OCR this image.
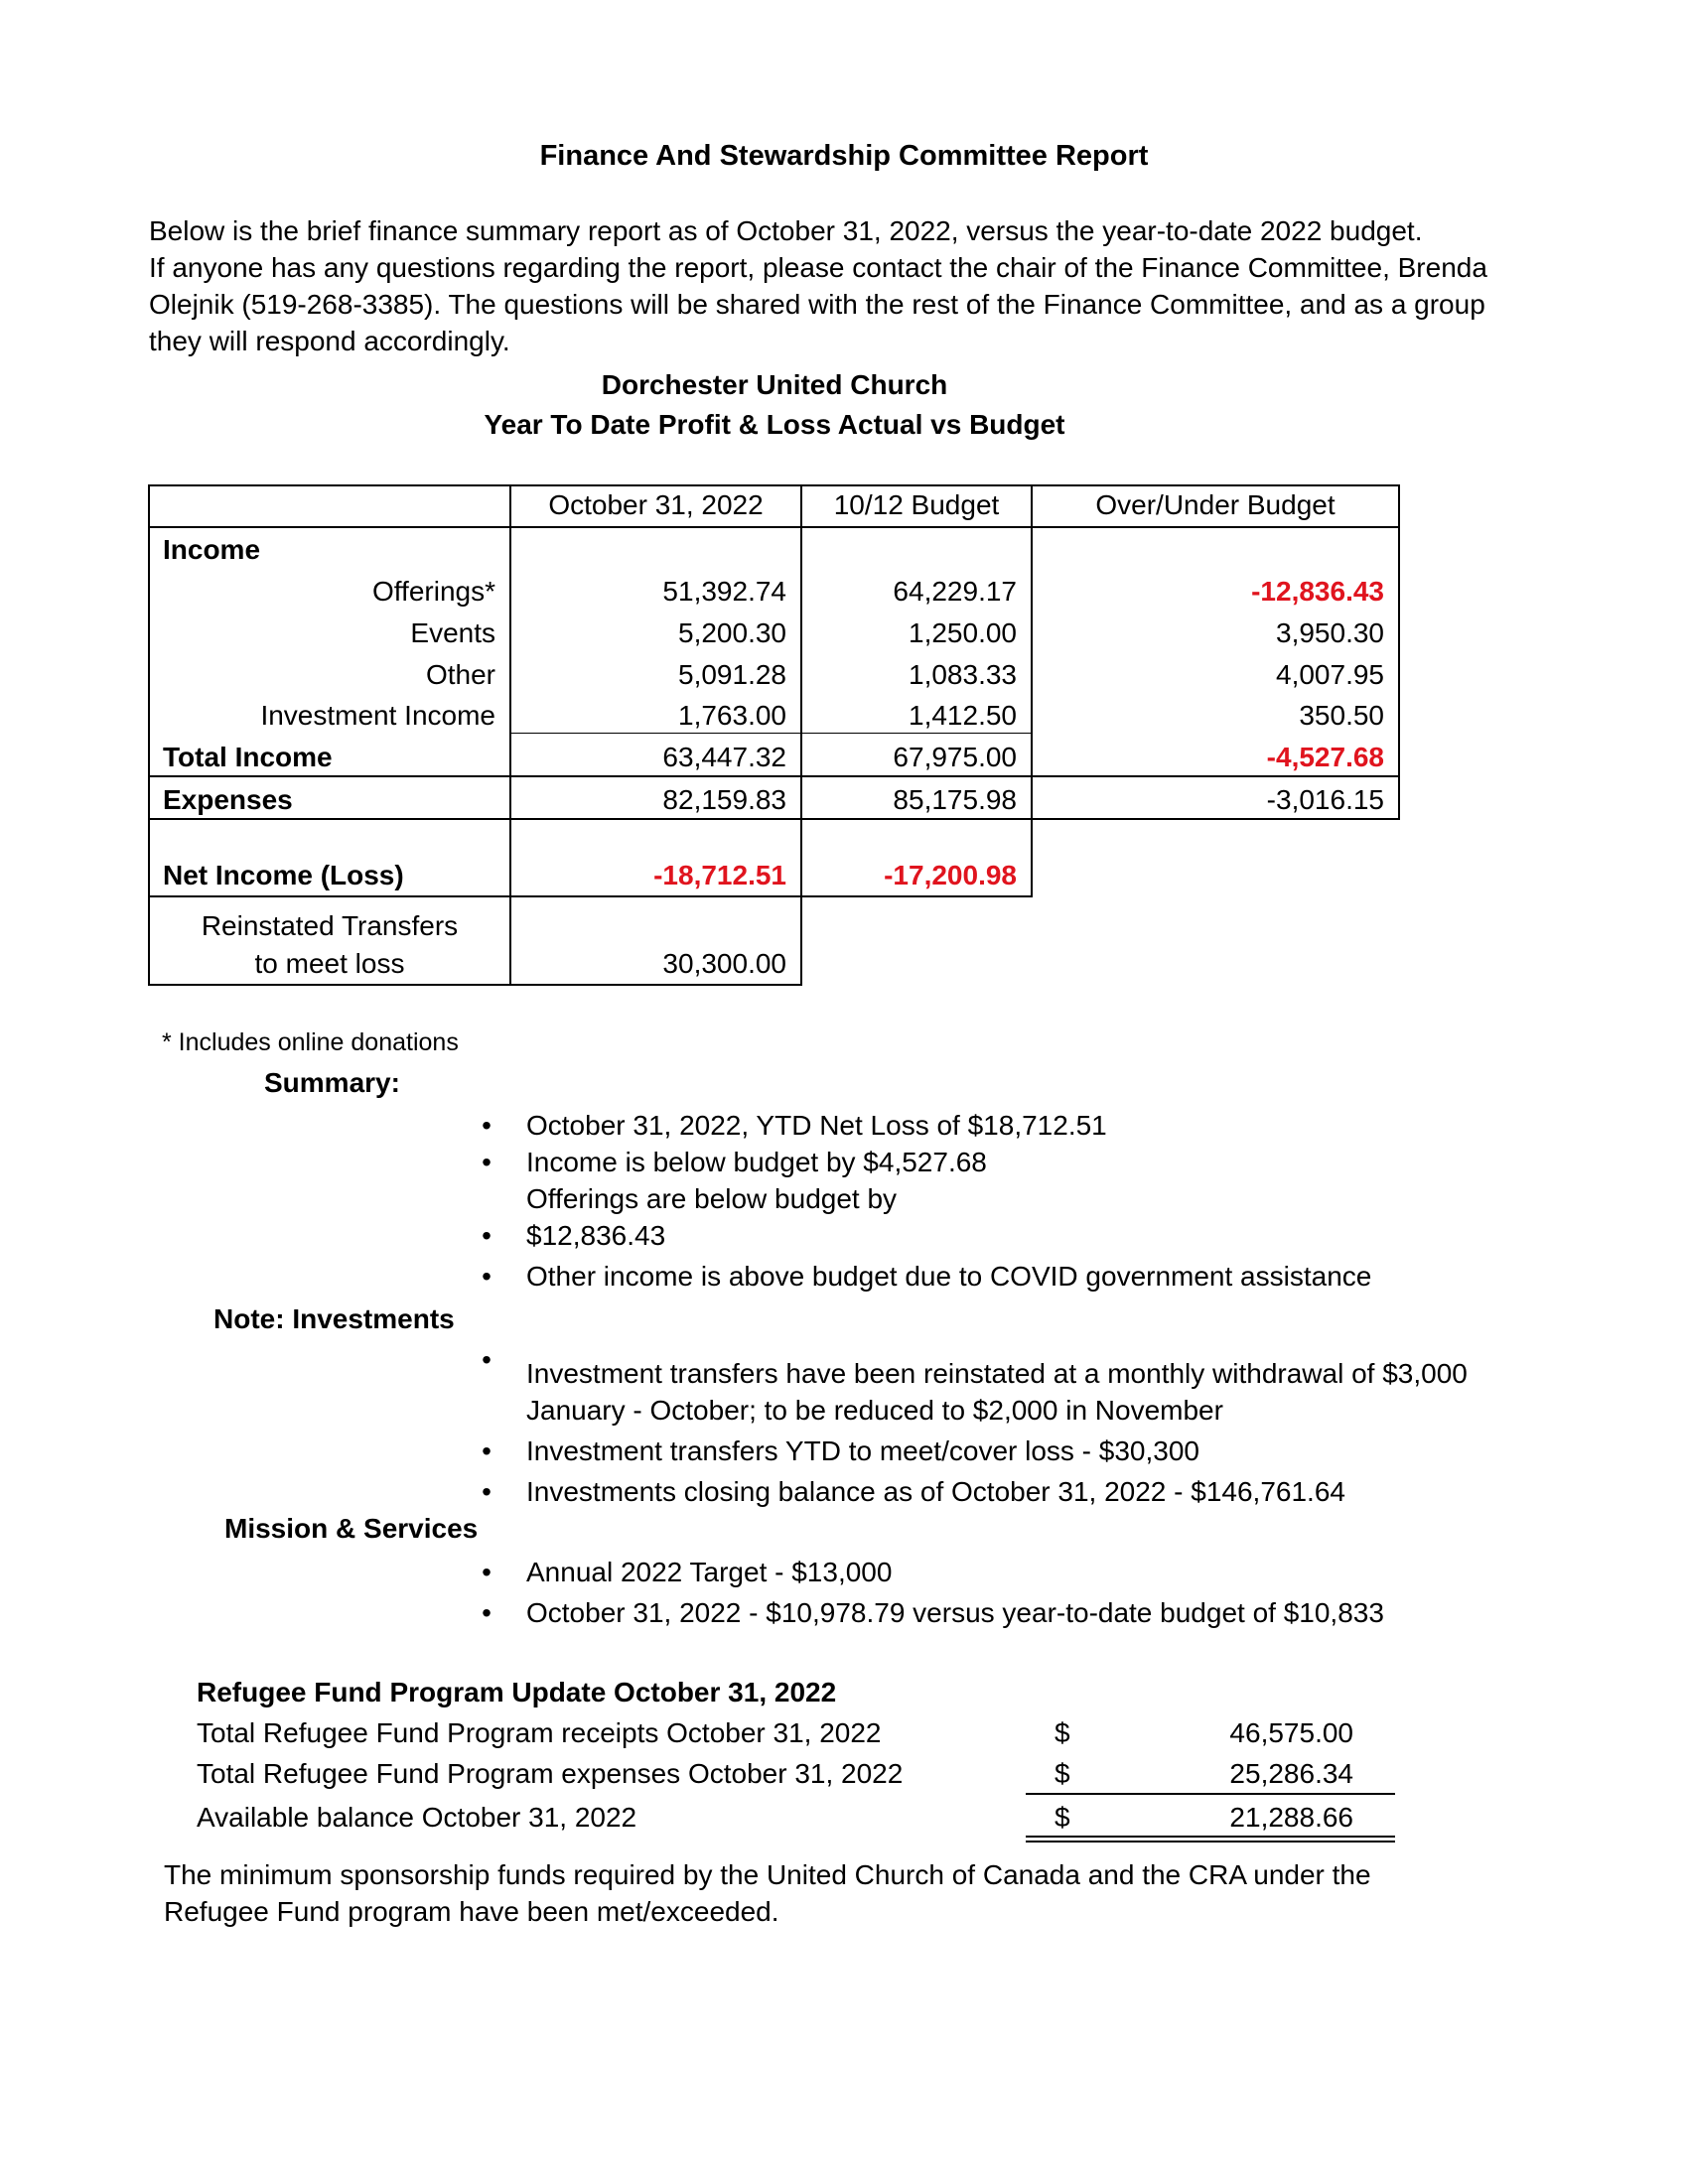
Finance And Stewardship Committee Report

Below is the brief finance summary report as of October 31, 2022, versus the year-to-date 2022 budget.

If anyone has any questions regarding the report, please contact the chair of the Finance Committee, Brenda Olejnik (519-268-3385). The questions will be shared with the rest of the Finance Committee, and as a group they will respond accordingly.

Dorchester United Church
Year To Date Profit & Loss Actual vs Budget
October 31, 2022	10/12 Budget	Over/Under Budget
Income
Offerings*	51,392.74	64,229.17	-12,836.43
Events	5,200.30	1,250.00	3,950.30
Other	5,091.28	1,083.33	4,007.95
Investment Income	1,763.00	1,412.50	350.50
Total Income	63,447.32	67,975.00	-4,527.68
Expenses	82,159.83	85,175.98	-3,016.15
Net Income (Loss)	-18,712.51	-17,200.98
Reinstated Transfers
to meet loss	30,300.00
* Includes online donations
Summary:
• October 31, 2022, YTD Net Loss of $18,712.51
• Income is below budget by $4,527.68
Offerings are below budget by
• $12,836.43
• Other income is above budget due to COVID government assistance
Note: Investments
• Investment transfers have been reinstated at a monthly withdrawal of $3,000
January - October; to be reduced to $2,000 in November
• Investment transfers YTD to meet/cover loss - $30,300
• Investments closing balance as of October 31, 2022 - $146,761.64
Mission & Services
• Annual 2022 Target - $13,000
• October 31, 2022 - $10,978.79 versus year-to-date budget of $10,833
Refugee Fund Program Update October 31, 2022
Total Refugee Fund Program receipts October 31, 2022	$	46,575.00
Total Refugee Fund Program expenses October 31, 2022	$	25,286.34
Available balance October 31, 2022	$	21,288.66
The minimum sponsorship funds required by the United Church of Canada and the CRA under the Refugee Fund program have been met/exceeded.
